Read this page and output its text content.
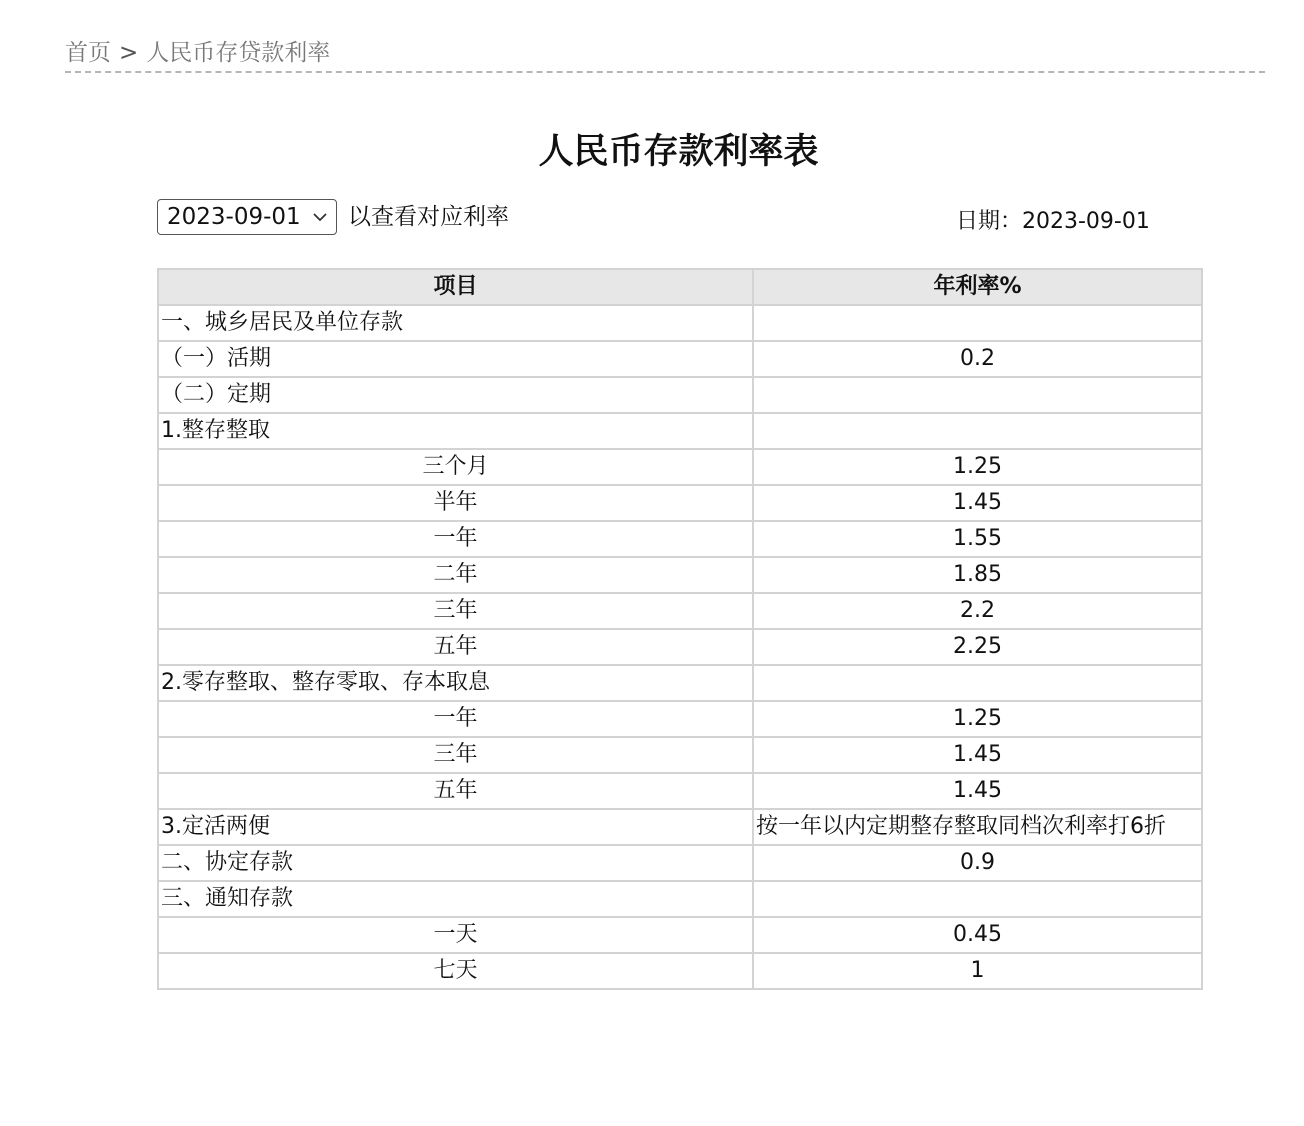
首页 > 人民币存贷款利率
人民币存款利率表
2023-09-01	以查看对应利率	日期：2023-09-01
项目	年利率%
一、城乡居民及单位存款	
（一）活期	0.2
（二）定期	
1.整存整取	
三个月	1.25
半年	1.45
一年	1.55
二年	1.85
三年	2.2
五年	2.25
2.零存整取、整存零取、存本取息	
一年	1.25
三年	1.45
五年	1.45
3.定活两便	按一年以内定期整存整取同档次利率打6折
二、协定存款	0.9
三、通知存款	
一天	0.45
七天	1
